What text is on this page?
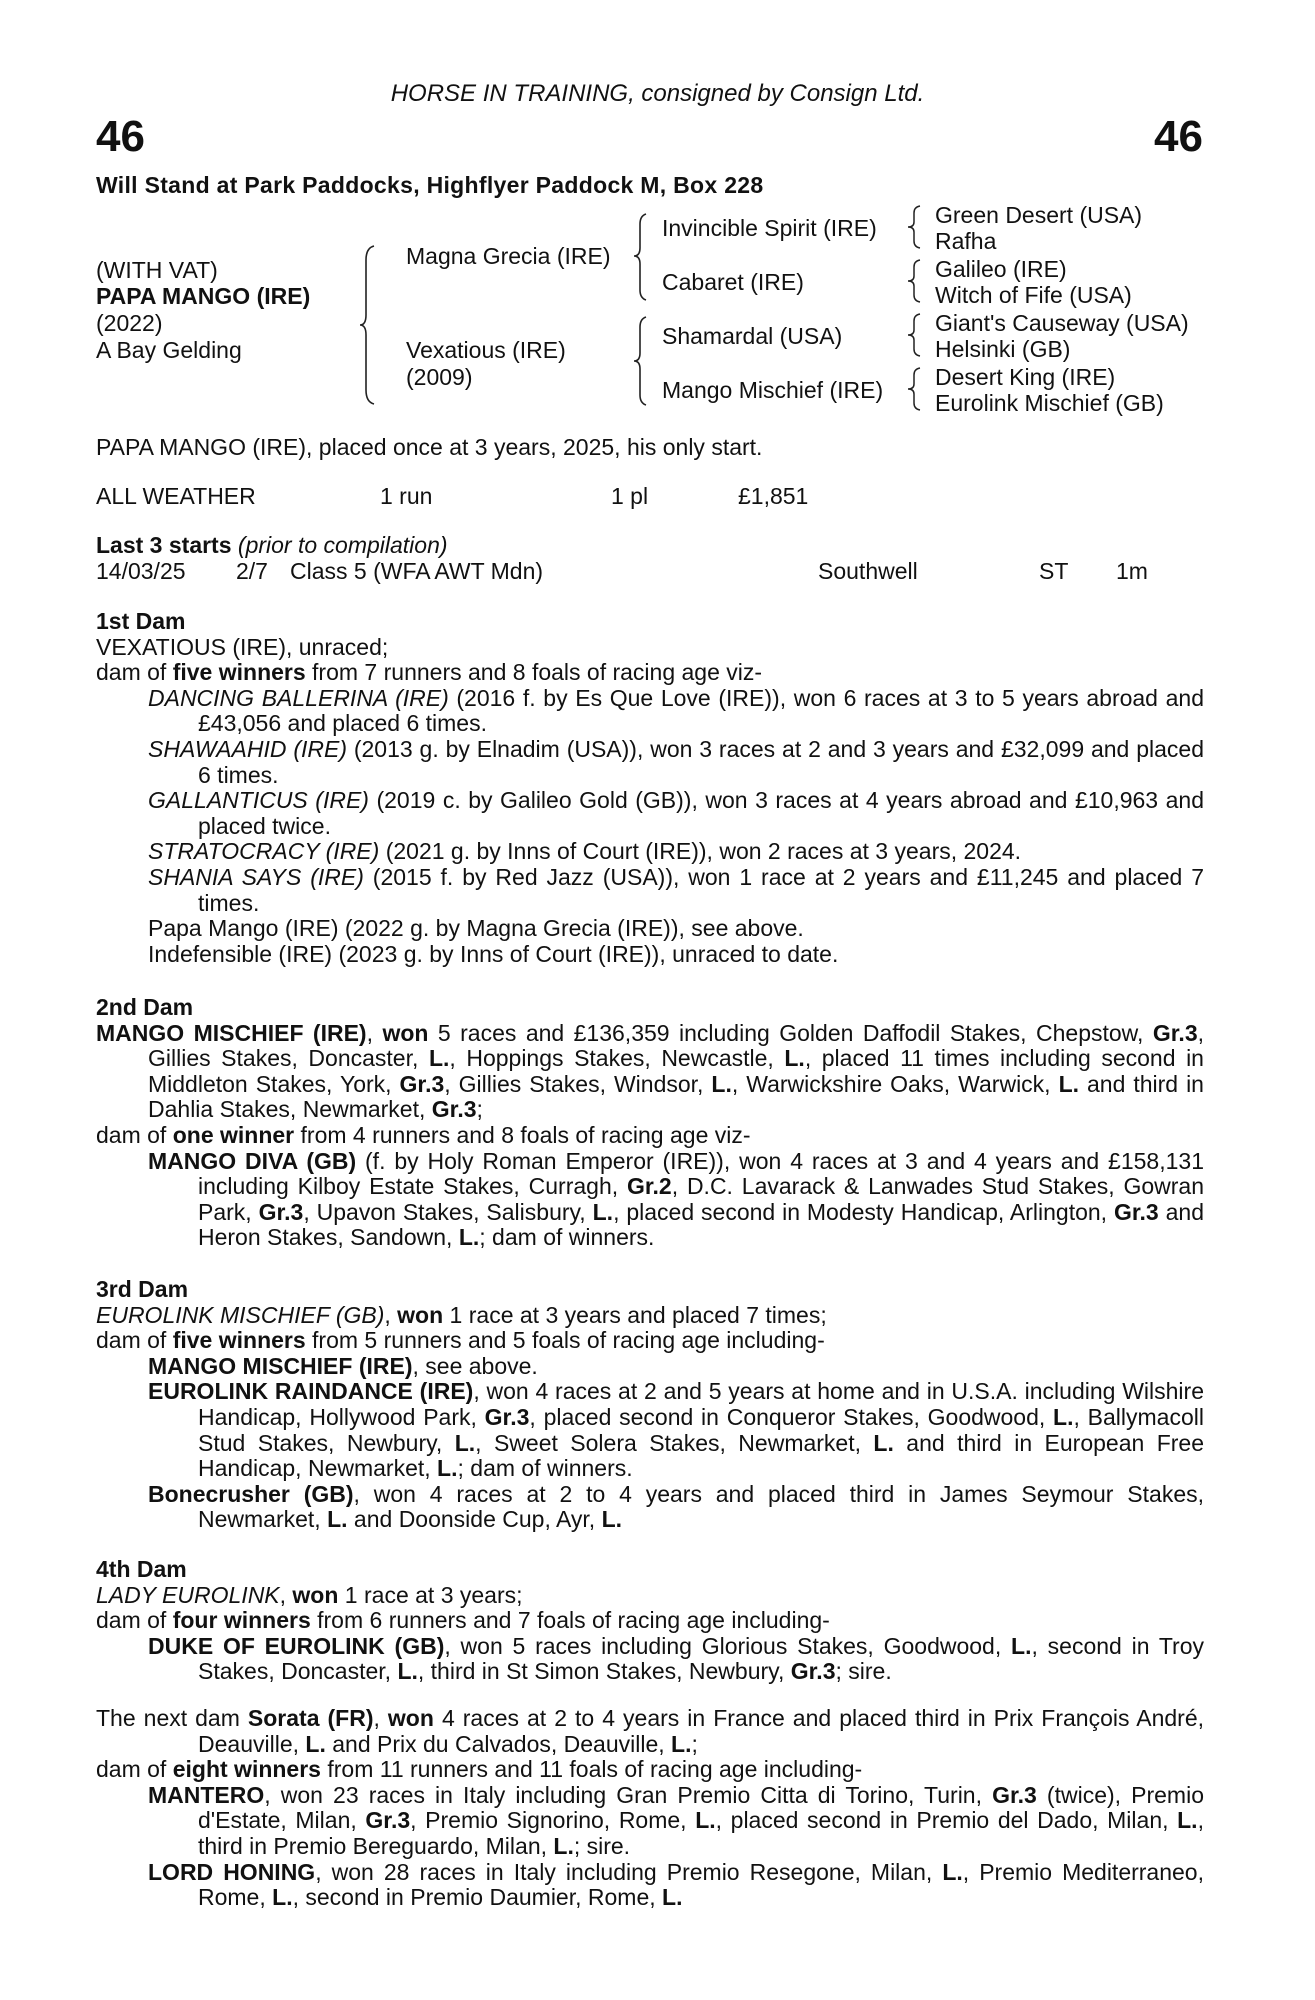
HORSE IN TRAINING, consigned by Consign Ltd.
46	46
Will Stand at Park Paddocks, Highflyer Paddock M, Box 228
(WITH VAT)
PAPA MANGO (IRE)
(2022)
A Bay Gelding
Magna Grecia (IRE)
Vexatious (IRE)
(2009)
Invincible Spirit (IRE)
Cabaret (IRE)
Shamardal (USA)
Mango Mischief (IRE)
Green Desert (USA)
Rafha
Galileo (IRE)
Witch of Fife (USA)
Giant's Causeway (USA)
Helsinki (GB)
Desert King (IRE)
Eurolink Mischief (GB)
PAPA MANGO (IRE), placed once at 3 years, 2025, his only start.
ALL WEATHER	1 run	1 pl	£1,851

Last 3 starts (prior to compilation)

14/03/25 2/7 Class 5 (WFA AWT Mdn)	Southwell	ST 1m

1st Dam

VEXATIOUS (IRE), unraced;

dam of five winners from 7 runners and 8 foals of racing age viz-

DANCING BALLERINA (IRE) (2016 f. by Es Que Love (IRE)), won 6 races at 3 to 5 years abroad and £43,056 and placed 6 times.

SHAWAAHID (IRE) (2013 g. by Elnadim (USA)), won 3 races at 2 and 3 years and £32,099 and placed 6 times.

GALLANTICUS (IRE) (2019 c. by Galileo Gold (GB)), won 3 races at 4 years abroad and £10,963 and placed twice.

STRATOCRACY (IRE) (2021 g. by Inns of Court (IRE)), won 2 races at 3 years, 2024.

SHANIA SAYS (IRE) (2015 f. by Red Jazz (USA)), won 1 race at 2 years and £11,245 and placed 7 times.

Papa Mango (IRE) (2022 g. by Magna Grecia (IRE)), see above.

Indefensible (IRE) (2023 g. by Inns of Court (IRE)), unraced to date.

2nd Dam

MANGO MISCHIEF (IRE), won 5 races and £136,359 including Golden Daffodil Stakes, Chepstow, Gr.3, Gillies Stakes, Doncaster, L., Hoppings Stakes, Newcastle, L., placed 11 times including second in Middleton Stakes, York, Gr.3, Gillies Stakes, Windsor, L., Warwickshire Oaks, Warwick, L. and third in Dahlia Stakes, Newmarket, Gr.3;

dam of one winner from 4 runners and 8 foals of racing age viz-

MANGO DIVA (GB) (f. by Holy Roman Emperor (IRE)), won 4 races at 3 and 4 years and £158,131 including Kilboy Estate Stakes, Curragh, Gr.2, D.C. Lavarack & Lanwades Stud Stakes, Gowran Park, Gr.3, Upavon Stakes, Salisbury, L., placed second in Modesty Handicap, Arlington, Gr.3 and Heron Stakes, Sandown, L.; dam of winners.

3rd Dam

EUROLINK MISCHIEF (GB), won 1 race at 3 years and placed 7 times;

dam of five winners from 5 runners and 5 foals of racing age including-

MANGO MISCHIEF (IRE), see above.

EUROLINK RAINDANCE (IRE), won 4 races at 2 and 5 years at home and in U.S.A. including Wilshire Handicap, Hollywood Park, Gr.3, placed second in Conqueror Stakes, Goodwood, L., Ballymacoll Stud Stakes, Newbury, L., Sweet Solera Stakes, Newmarket, L. and third in European Free Handicap, Newmarket, L.; dam of winners.

Bonecrusher (GB), won 4 races at 2 to 4 years and placed third in James Seymour Stakes, Newmarket, L. and Doonside Cup, Ayr, L.

4th Dam

LADY EUROLINK, won 1 race at 3 years;

dam of four winners from 6 runners and 7 foals of racing age including-

DUKE OF EUROLINK (GB), won 5 races including Glorious Stakes, Goodwood, L., second in Troy Stakes, Doncaster, L., third in St Simon Stakes, Newbury, Gr.3; sire.

The next dam Sorata (FR), won 4 races at 2 to 4 years in France and placed third in Prix François André, Deauville, L. and Prix du Calvados, Deauville, L.;

dam of eight winners from 11 runners and 11 foals of racing age including-

MANTERO, won 23 races in Italy including Gran Premio Citta di Torino, Turin, Gr.3 (twice), Premio d'Estate, Milan, Gr.3, Premio Signorino, Rome, L., placed second in Premio del Dado, Milan, L., third in Premio Bereguardo, Milan, L.; sire.

LORD HONING, won 28 races in Italy including Premio Resegone, Milan, L., Premio Mediterraneo, Rome, L., second in Premio Daumier, Rome, L.
